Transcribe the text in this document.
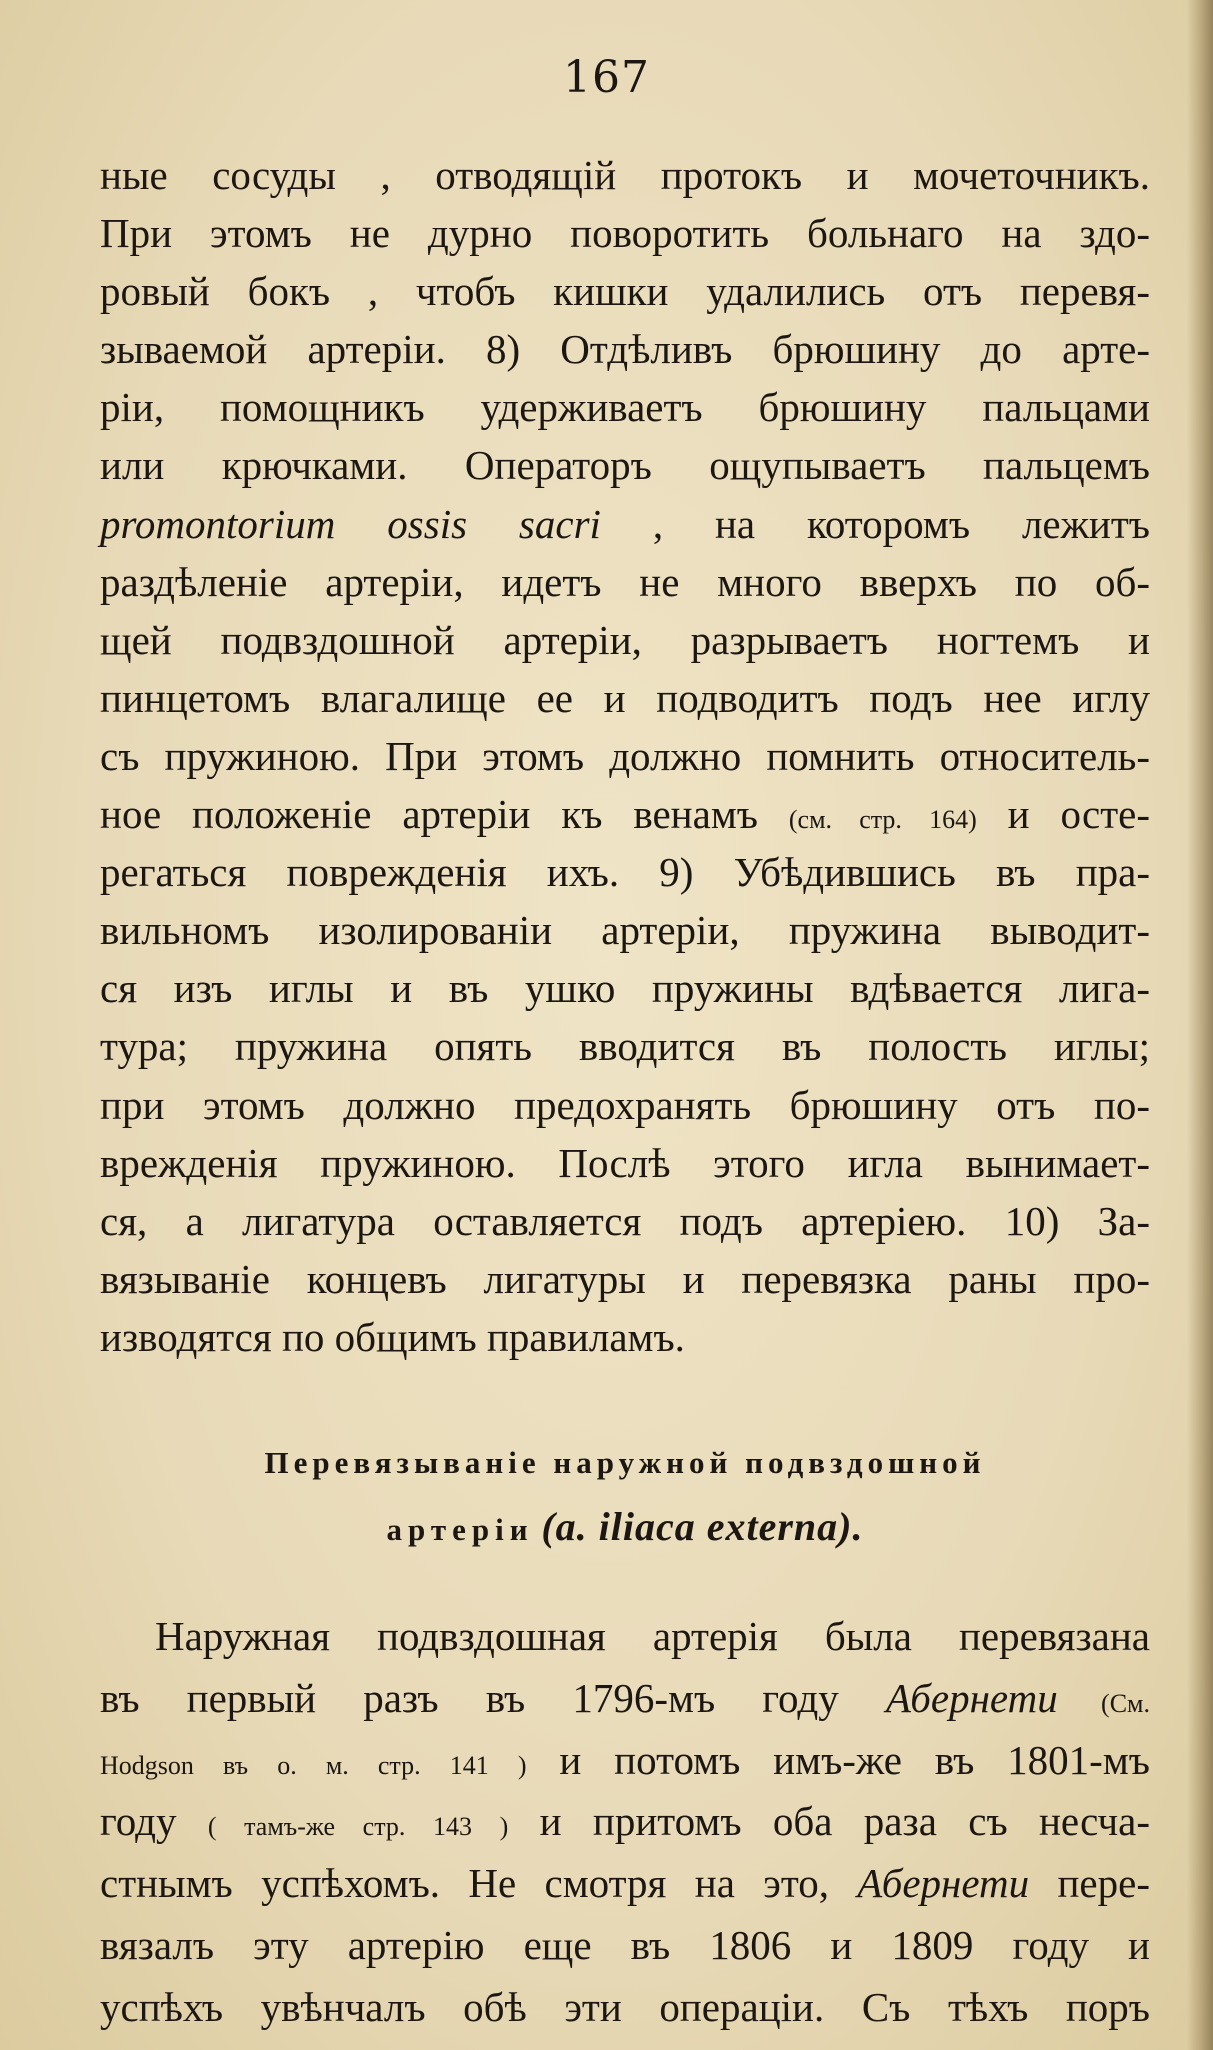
167

ные сосуды , отводящій протокъ и мочеточникъ.
При этомъ не дурно поворотить больнаго на здо-
ровый бокъ , чтобъ кишки удалились отъ перевя-
зываемой артеріи. 8) Отдѣливъ брюшину до арте-
ріи, помощникъ удерживаетъ брюшину пальцами
или крючками. Операторъ ощупываетъ пальцемъ
promontorium ossis sacri , на которомъ лежитъ
раздѣленіе артеріи, идетъ не много вверхъ по об-
щей подвздошной артеріи, разрываетъ ногтемъ и
пинцетомъ влагалище ее и подводитъ подъ нее иглу
съ пружиною. При этомъ должно помнить относитель-
ное положеніе артеріи къ венамъ (см. стр. 164) и осте-
регаться поврежденія ихъ. 9) Убѣдившись въ пра-
вильномъ изолированіи артеріи, пружина выводит-
ся изъ иглы и въ ушко пружины вдѣвается лига-
тура; пружина опять вводится въ полость иглы;
при этомъ должно предохранять брюшину отъ по-
врежденія пружиною. Послѣ этого игла вынимает-
ся, а лигатура оставляется подъ артеріею. 10) За-
вязываніе концевъ лигатуры и перевязка раны про-
изводятся по общимъ правиламъ.
Перевязываніе наружной подвздошной
артеріи (a. iliaca externa).
Наружная подвздошная артерія была перевязана
въ первый разъ въ 1796-мъ году Абернети (См.
Hodgson въ о. м. стр. 141 ) и потомъ имъ-же въ 1801-мъ
году ( тамъ-же стр. 143 ) и притомъ оба раза съ несча-
стнымъ успѣхомъ. Не смотря на это, Абернети пере-
вязалъ эту артерію еще въ 1806 и 1809 году и
успѣхъ увѣнчалъ обѣ эти операціи. Съ тѣхъ поръ
